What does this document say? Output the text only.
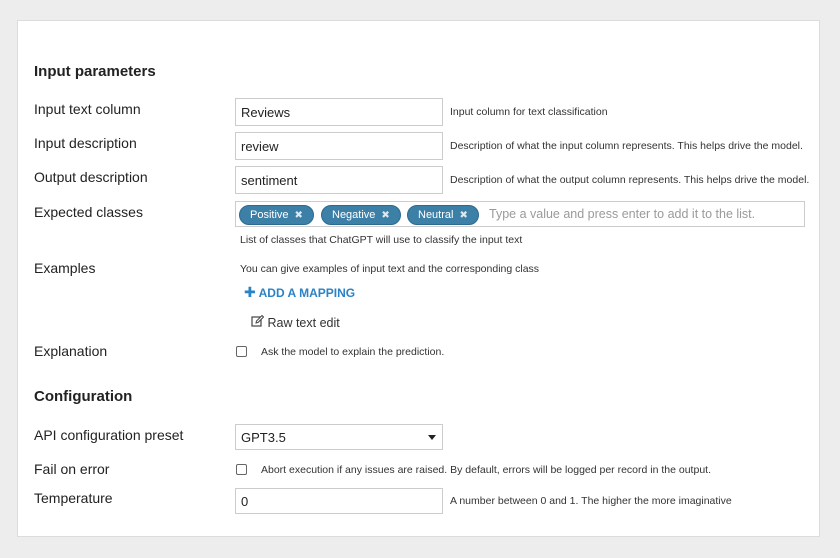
Input parameters
Input text column
Reviews	Input column for text classification
Input description
review	Description of what the input column represents. This helps drive the model.
Output description
sentiment	Description of what the output column represents. This helps drive the model.
Expected classes	Positive ✖	Negative ✖	Neutral ✖	Type a value and press enter to add it to the list.
List of classes that ChatGPT will use to classify the input text
Examples	You can give examples of input text and the corresponding class
✚ ADD A MAPPING
Raw text edit
Explanation	Ask the model to explain the prediction.
Configuration
API configuration preset	GPT3.5
Fail on error	Abort execution if any issues are raised. By default, errors will be logged per record in the output.
Temperature
0	A number between 0 and 1. The higher the more imaginative
